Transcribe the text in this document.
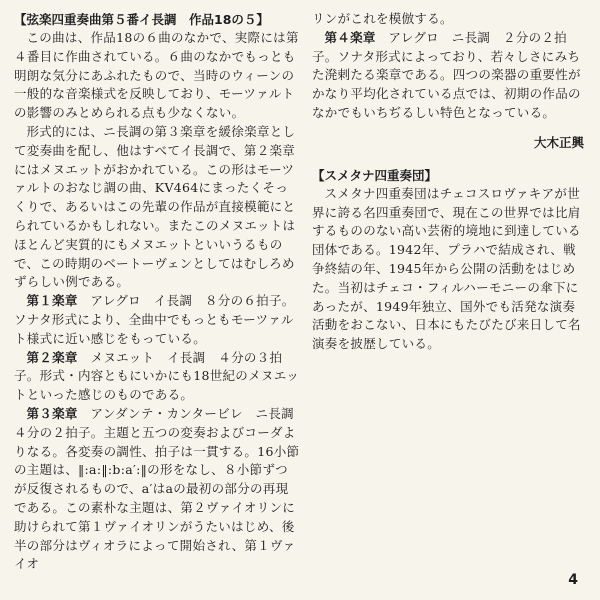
【弦楽四重奏曲第５番イ長調　作品18の５】

この曲は、作品18の６曲のなかで、実際には第４番目に作曲されている。６曲のなかでもっとも明朗な気分にあふれたもので、当時のウィーンの一般的な音楽様式を反映しており、モーツァルトの影響のみとめられる点も少なくない。

形式的には、ニ長調の第３楽章を緩徐楽章として変奏曲を配し、他はすべてイ長調で、第２楽章にはメヌエットがおかれている。この形はモーツァルトのおなじ調の曲、KV464にまったくそっくりで、あるいはこの先輩の作品が直接模範にとられているかもしれない。またこのメヌエットはほとんど実質的にもメヌエットといいうるもので、この時期のベートーヴェンとしてはむしろめずらしい例である。

第１楽章　 アレグロ　イ長調　８分の６拍子。ソナタ形式により、全曲中でもっともモーツァルト様式に近い感じをもっている。

第２楽章　 メヌエット　イ長調　４分の３拍子。形式・内容ともにいかにも18世紀のメヌエットといった感じのものである。

第３楽章　 アンダンテ・カンタービレ　ニ長調　４分の２拍子。主題と五つの変奏およびコーダよりなる。各変奏の調性、拍子は一貫する。16小節の主題は、‖:a:‖:b:a′:‖の形をなし、８小節ずつが反復されるもので、a′はaの最初の部分の再現である。この素朴な主題は、第２ヴァイオリンに助けられて第１ヴァイオリンがうたいはじめ、後半の部分はヴィオラによって開始され、第１ヴァイオ

リンがこれを模倣する。

第４楽章　 アレグロ　ニ長調　２分の２拍子。ソナタ形式によっており、若々しさにみちた溌剌たる楽章である。四つの楽器の重要性がかなり平均化されている点では、初期の作品のなかでもいちぢるしい特色となっている。

大木正興

【スメタナ四重奏団】

スメタナ四重奏団はチェコスロヴァキアが世界に誇る名四重奏団で、現在この世界では比肩するもののない高い芸術的境地に到達している団体である。1942年、プラハで結成され、戦争終結の年、1945年から公開の活動をはじめた。当初はチェコ・フィルハーモニーの傘下にあったが、1949年独立、国外でも活発な演奏活動をおこない、日本にもたびたび来日して名演奏を披歴している。

4
